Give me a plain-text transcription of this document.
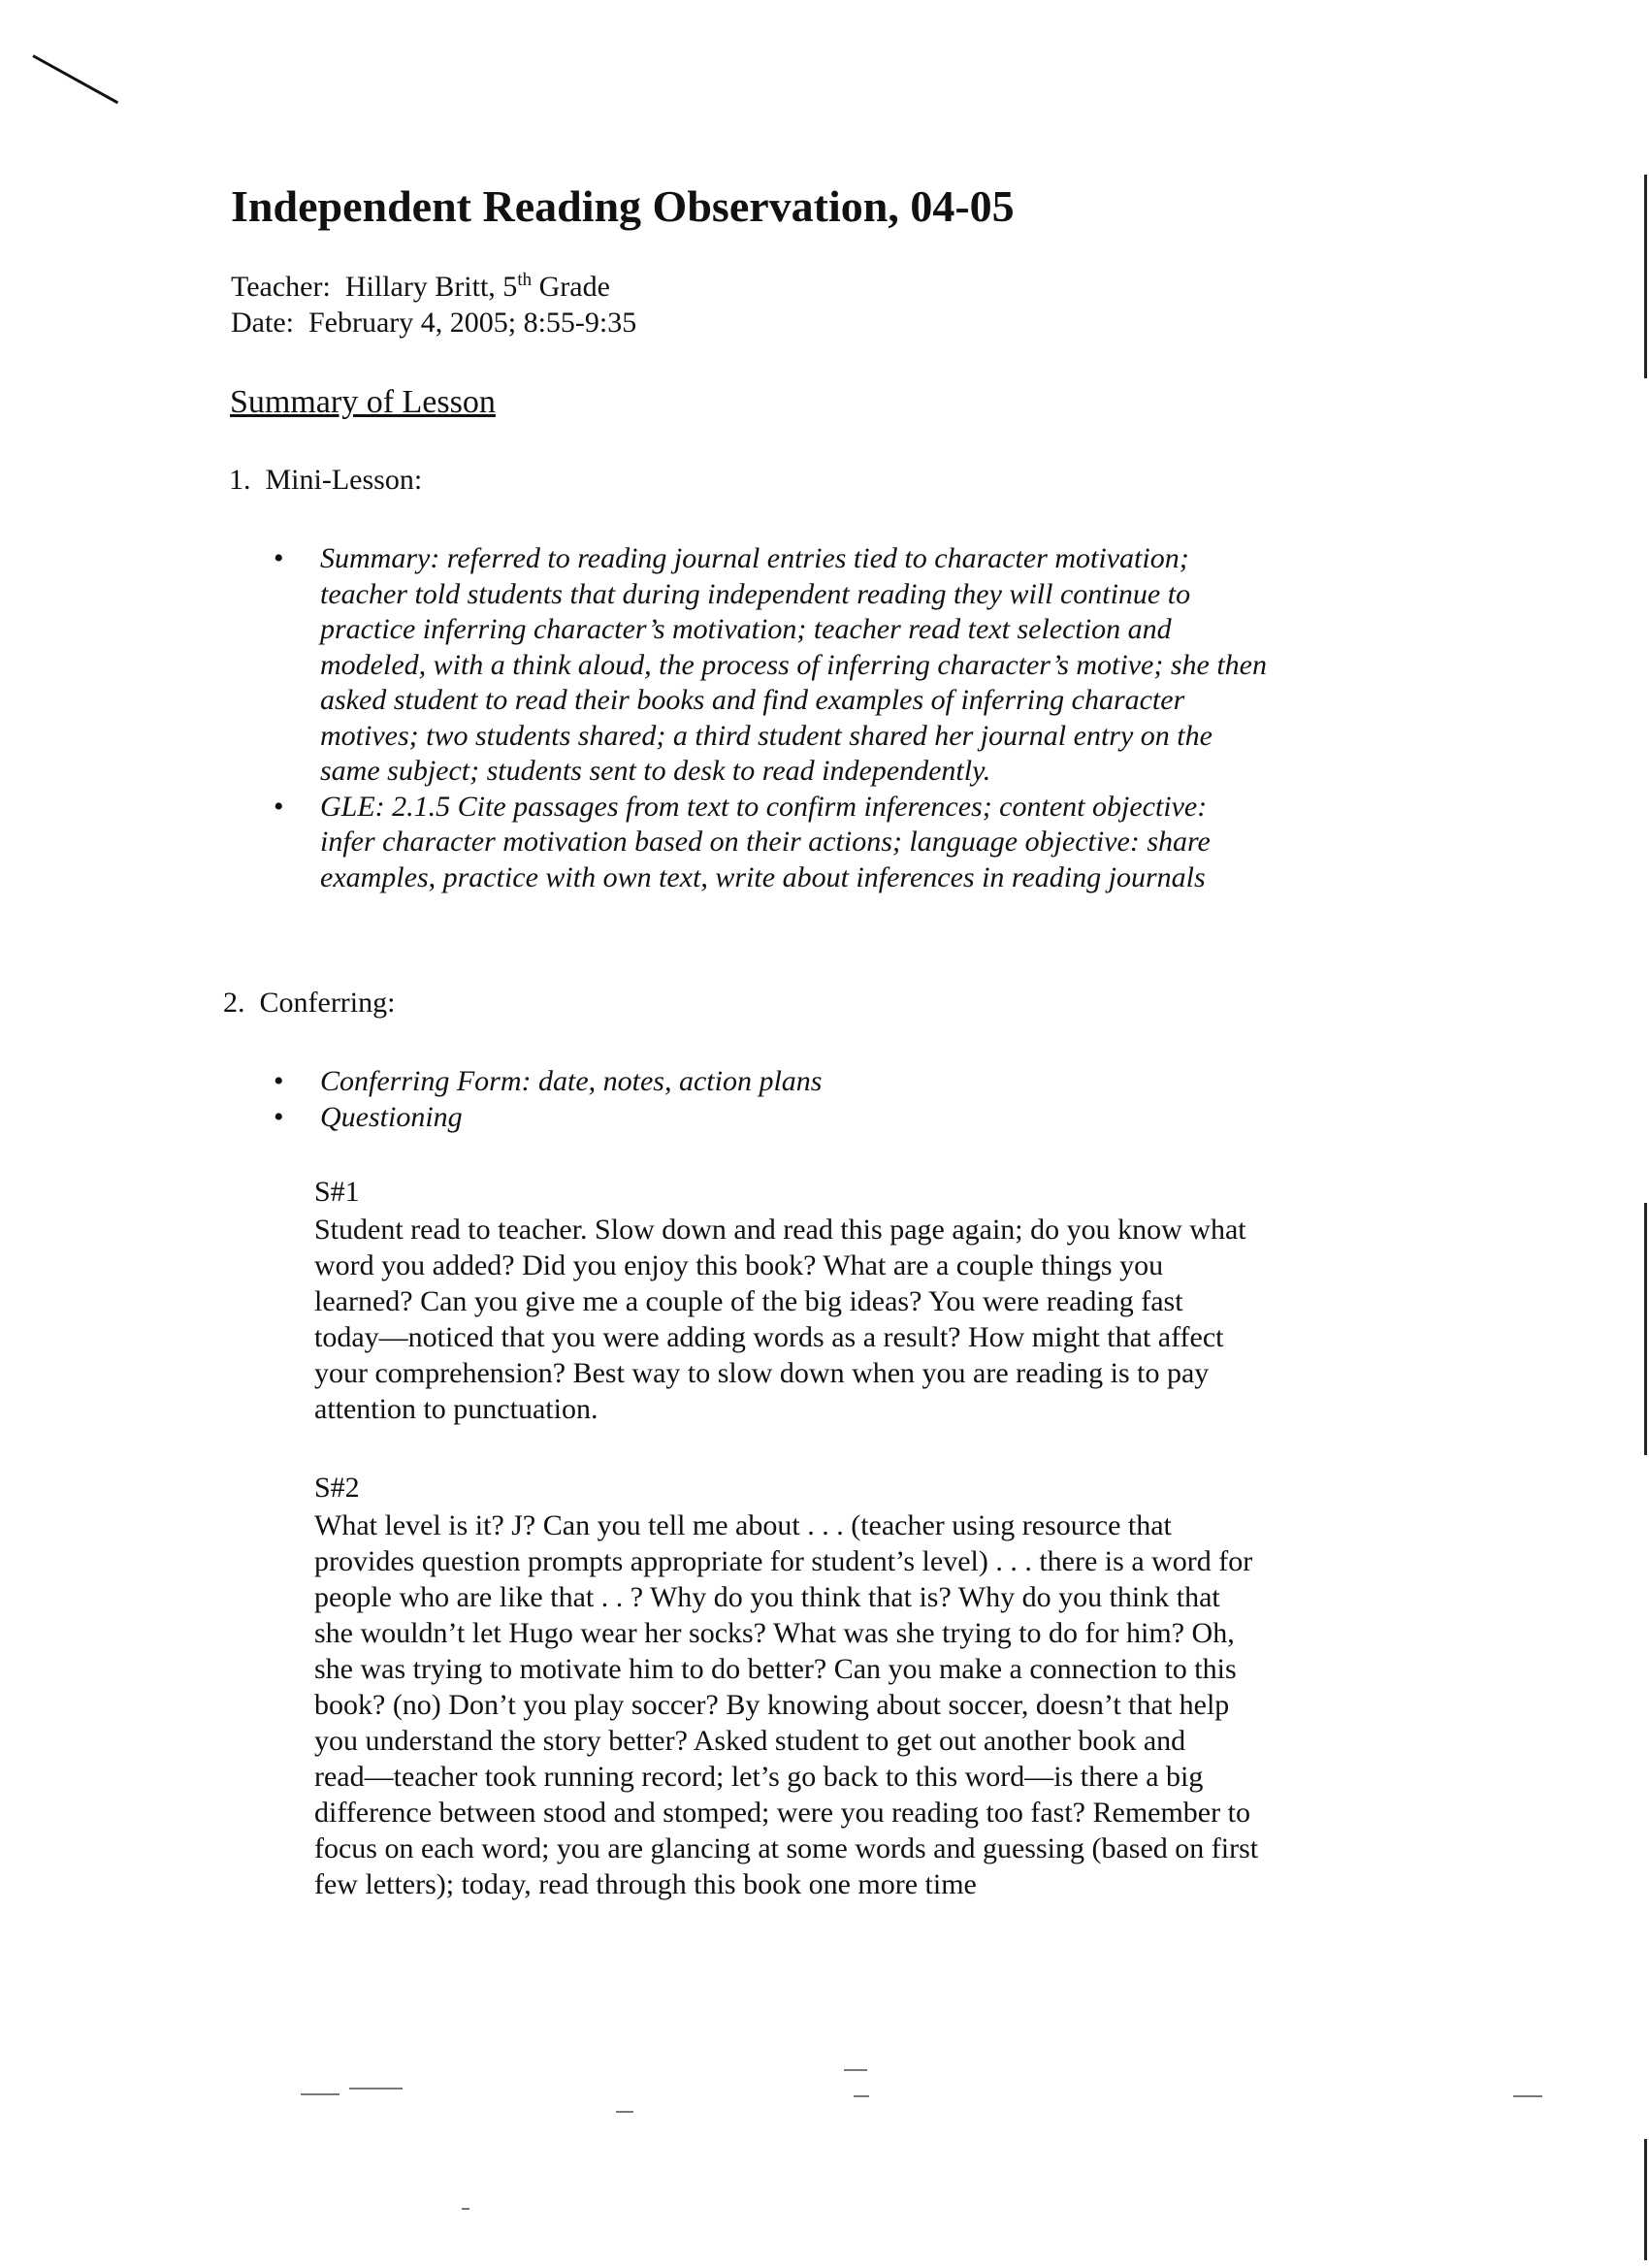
Independent Reading Observation, 04-05
Teacher: Hillary Britt, 5th Grade
Date: February 4, 2005; 8:55-9:35
Summary of Lesson
1. Mini-Lesson:
• Summary: referred to reading journal entries tied to character motivation;
teacher told students that during independent reading they will continue to
practice inferring character’s motivation; teacher read text selection and
modeled, with a think aloud, the process of inferring character’s motive; she then
asked student to read their books and find examples of inferring character
motives; two students shared; a third student shared her journal entry on the
same subject; students sent to desk to read independently.
• GLE: 2.1.5 Cite passages from text to confirm inferences; content objective:
infer character motivation based on their actions; language objective: share
examples, practice with own text, write about inferences in reading journals
2. Conferring:
• Conferring Form: date, notes, action plans
• Questioning
S#1
Student read to teacher. Slow down and read this page again; do you know what
word you added? Did you enjoy this book? What are a couple things you
learned? Can you give me a couple of the big ideas? You were reading fast
today—noticed that you were adding words as a result? How might that affect
your comprehension? Best way to slow down when you are reading is to pay
attention to punctuation.
S#2
What level is it? J? Can you tell me about . . . (teacher using resource that
provides question prompts appropriate for student’s level) . . . there is a word for
people who are like that . . ? Why do you think that is? Why do you think that
she wouldn’t let Hugo wear her socks? What was she trying to do for him? Oh,
she was trying to motivate him to do better? Can you make a connection to this
book? (no) Don’t you play soccer? By knowing about soccer, doesn’t that help
you understand the story better? Asked student to get out another book and
read—teacher took running record; let’s go back to this word—is there a big
difference between stood and stomped; were you reading too fast? Remember to
focus on each word; you are glancing at some words and guessing (based on first
few letters); today, read through this book one more time
